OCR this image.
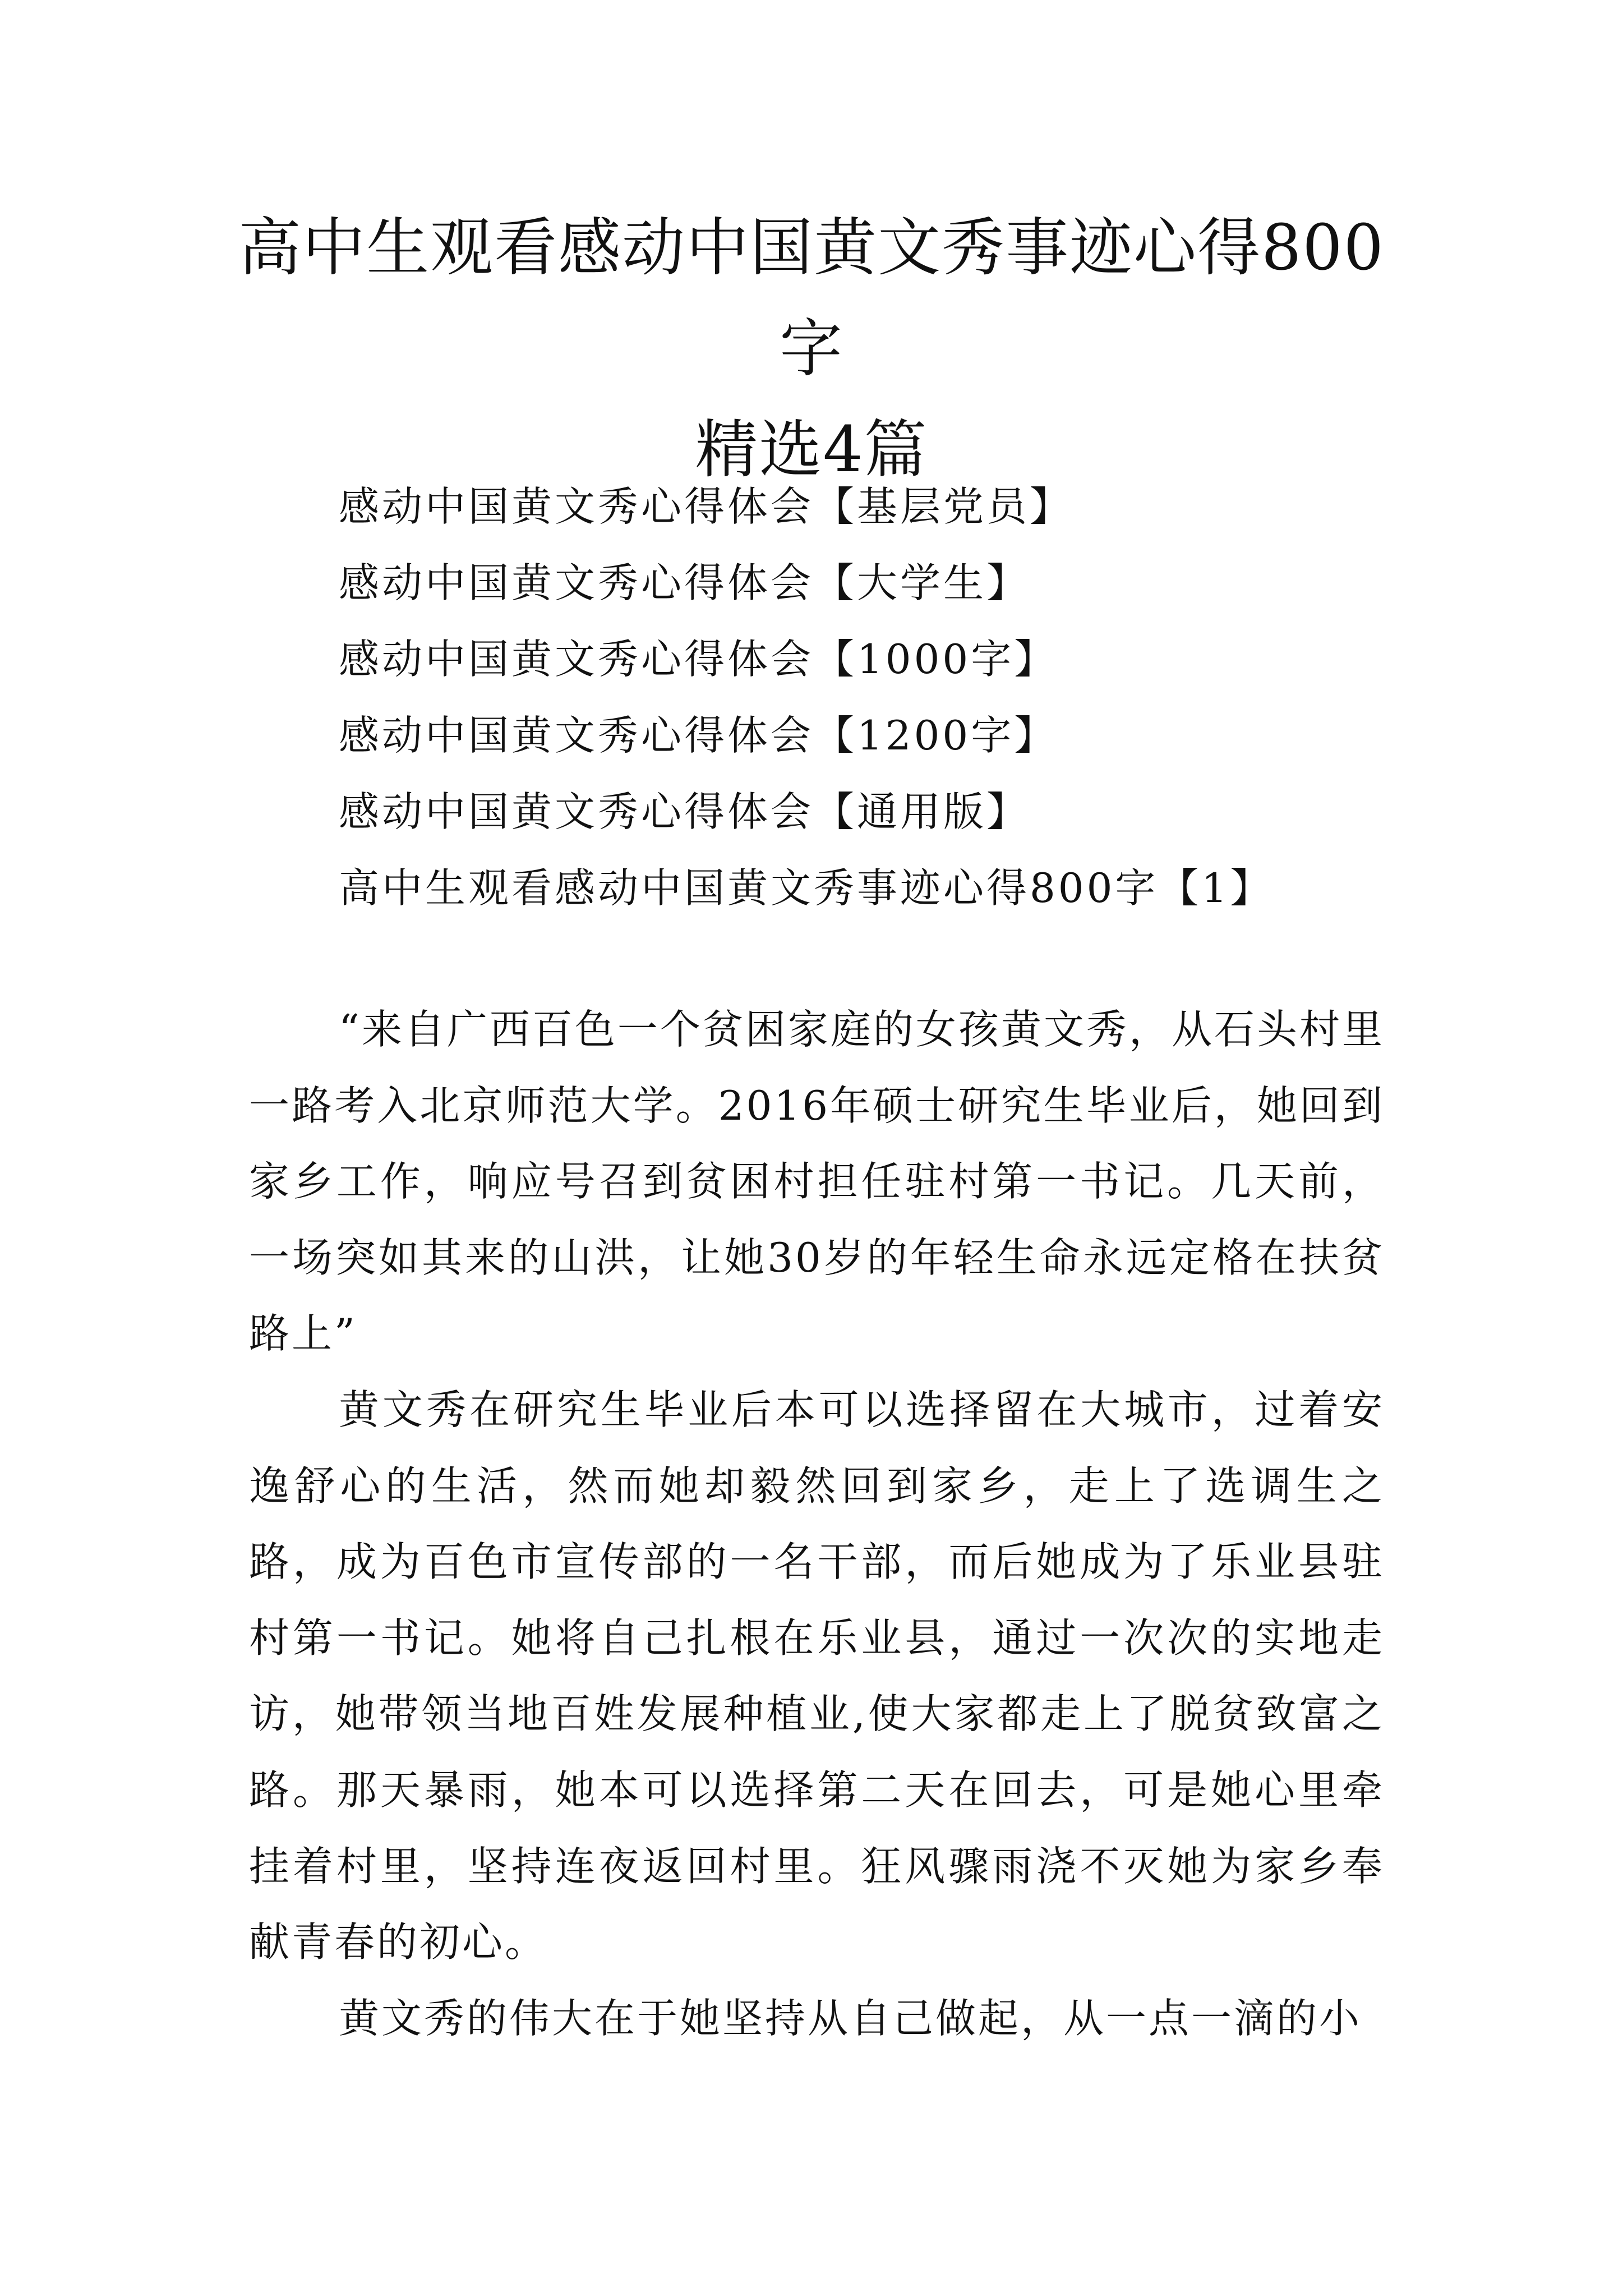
高中生观看感动中国黄文秀事迹心得800字
精选4篇
感动中国黄文秀心得体会【基层党员】
感动中国黄文秀心得体会【大学生】
感动中国黄文秀心得体会【1000字】
感动中国黄文秀心得体会【1200字】
感动中国黄文秀心得体会【通用版】
高中生观看感动中国黄文秀事迹心得800字【1】

“来自广西百色一个贫困家庭的女孩黄文秀，从石头村里一路考入北京师范大学。2016年硕士研究生毕业后，她回到家乡工作，响应号召到贫困村担任驻村第一书记。几天前，一场突如其来的山洪，让她30岁的年轻生命永远定格在扶贫路上”

黄文秀在研究生毕业后本可以选择留在大城市，过着安逸舒心的生活，然而她却毅然回到家乡，走上了选调生之路，成为百色市宣传部的一名干部，而后她成为了乐业县驻村第一书记。她将自己扎根在乐业县，通过一次次的实地走访，她带领当地百姓发展种植业,使大家都走上了脱贫致富之路。那天暴雨，她本可以选择第二天在回去，可是她心里牵挂着村里，坚持连夜返回村里。狂风骤雨浇不灭她为家乡奉献青春的初心。

黄文秀的伟大在于她坚持从自己做起，从一点一滴的小
